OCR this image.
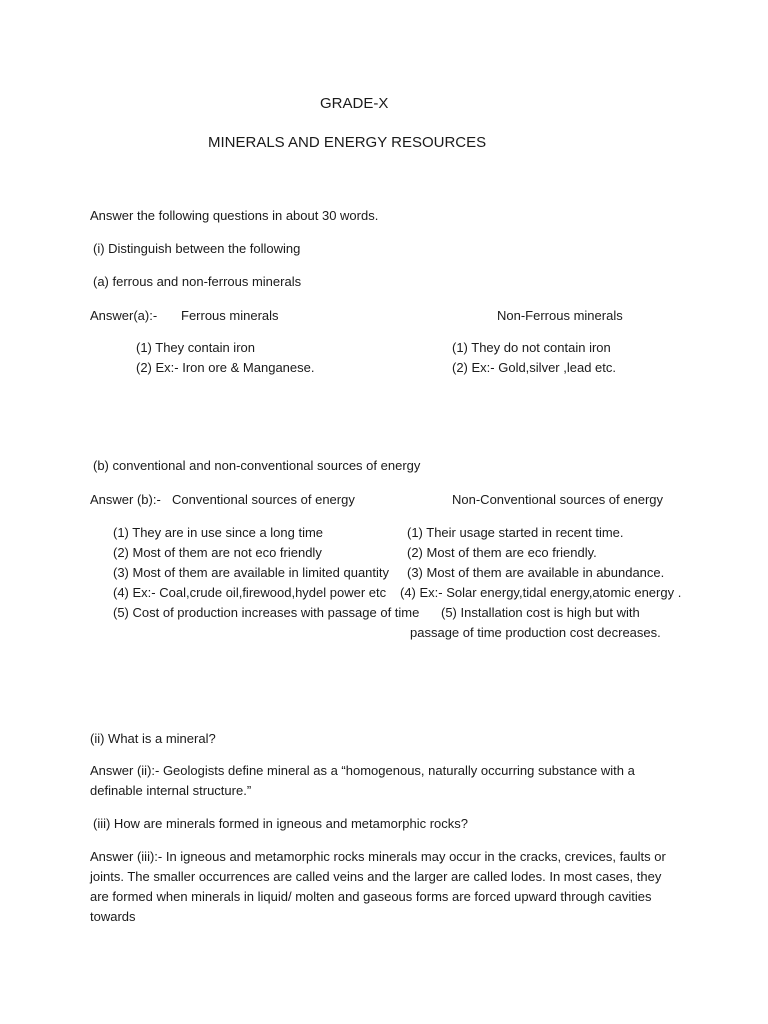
GRADE-X
MINERALS AND ENERGY RESOURCES
Answer the following questions in about 30 words.
(i) Distinguish between the following
(a) ferrous and non-ferrous minerals
Answer(a):- Ferrous minerals	Non-Ferrous minerals
(1) They contain iron
(2) Ex:- Iron ore & Manganese.
(1) They do not contain iron
(2) Ex:- Gold,silver ,lead etc.
(b) conventional and non-conventional sources of energy
Answer (b):- Conventional sources of energy	Non-Conventional sources of energy
(1) They are in use since a long time
(2) Most of them are not eco friendly
(3) Most of them are available in limited quantity
(4) Ex:- Coal,crude oil,firewood,hydel power etc
(5) Cost of production increases with passage of time
(1) Their usage started in recent time.
(2) Most of them are eco friendly.
(3) Most of them are available in abundance.
(4) Ex:- Solar energy,tidal energy,atomic energy .
(5) Installation cost is high but with
passage of time production cost decreases.
(ii) What is a mineral?
Answer (ii):- Geologists define mineral as a “homogenous, naturally occurring substance with a definable internal structure.”
(iii) How are minerals formed in igneous and metamorphic rocks?
Answer (iii):- In igneous and metamorphic rocks minerals may occur in the cracks, crevices, faults or joints. The smaller occurrences are called veins and the larger are called lodes. In most cases, they are formed when minerals in liquid/ molten and gaseous forms are forced upward through cavities towards
